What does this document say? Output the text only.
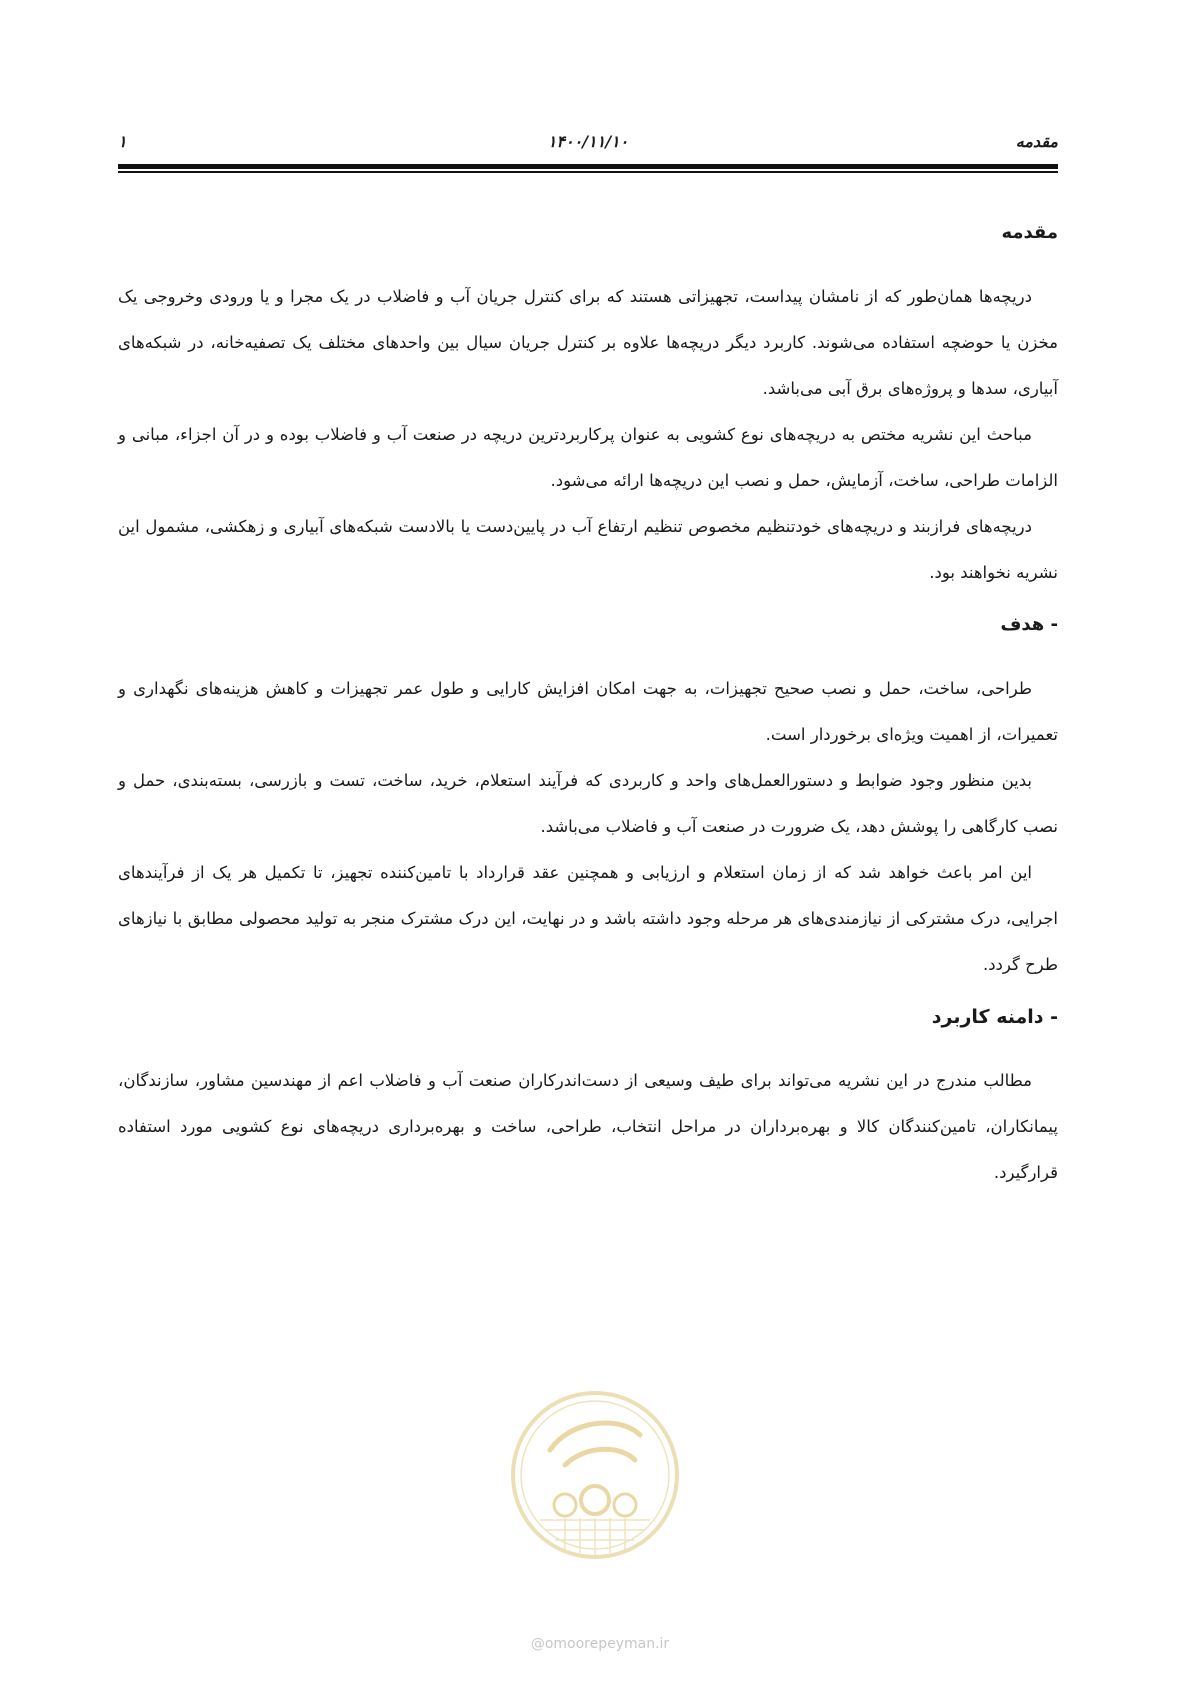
مقدمه
۱۴۰۰/۱۱/۱۰
۱
مقدمه

دریچه‌ها همان‌طور که از نامشان پیداست، تجهیزاتی هستند که برای کنترل جریان آب و فاضلاب در یک مجرا و یا ورودی وخروجی یک مخزن یا حوضچه استفاده می‌شوند. کاربرد دیگر دریچه‌ها علاوه بر کنترل جریان سیال بین واحدهای مختلف یک تصفیه‌خانه، در شبکه‌های آبیاری، سدها و پروژه‌های برق آبی می‌باشد.

مباحث این نشریه مختص به دریچه‌های نوع کشویی به عنوان پرکاربردترین دریچه در صنعت آب و فاضلاب بوده و در آن اجزاء، مبانی و الزامات طراحی، ساخت، آزمایش، حمل و نصب این دریچه‌ها ارائه می‌شود.

دریچه‌های فرازبند و دریچه‌های خودتنظیم مخصوص تنظیم ارتفاع آب در پایین‌دست یا بالادست شبکه‌های آبیاری و زهکشی، مشمول این نشریه نخواهند بود.

- هدف

طراحی، ساخت، حمل و نصب صحیح تجهیزات، به جهت امکان افزایش کارایی و طول عمر تجهیزات و کاهش هزینه‌های نگهداری و تعمیرات، از اهمیت ویژه‌ای برخوردار است.

بدین منظور وجود ضوابط و دستورالعمل‌های واحد و کاربردی که فرآیند استعلام، خرید، ساخت، تست و بازرسی، بسته‌بندی، حمل و نصب کارگاهی را پوشش دهد، یک ضرورت در صنعت آب و فاضلاب می‌باشد.

این امر باعث خواهد شد که از زمان استعلام و ارزیابی و همچنین عقد قرارداد با تامین‌کننده تجهیز، تا تکمیل هر یک از فرآیندهای اجرایی، درک مشترکی از نیازمندی‌های هر مرحله وجود داشته باشد و در نهایت، این درک مشترک منجر به تولید محصولی مطابق با نیازهای طرح گردد.

- دامنه کاربرد

مطالب مندرج در این نشریه می‌تواند برای طیف وسیعی از دست‌اندرکاران صنعت آب و فاضلاب اعم از مهندسین مشاور، سازندگان، پیمانکاران، تامین‌کنندگان کالا و بهره‌برداران در مراحل انتخاب، طراحی، ساخت و بهره‌برداری دریچه‌های نوع کشویی مورد استفاده قرارگیرد.

@omoorepeyman.ir
